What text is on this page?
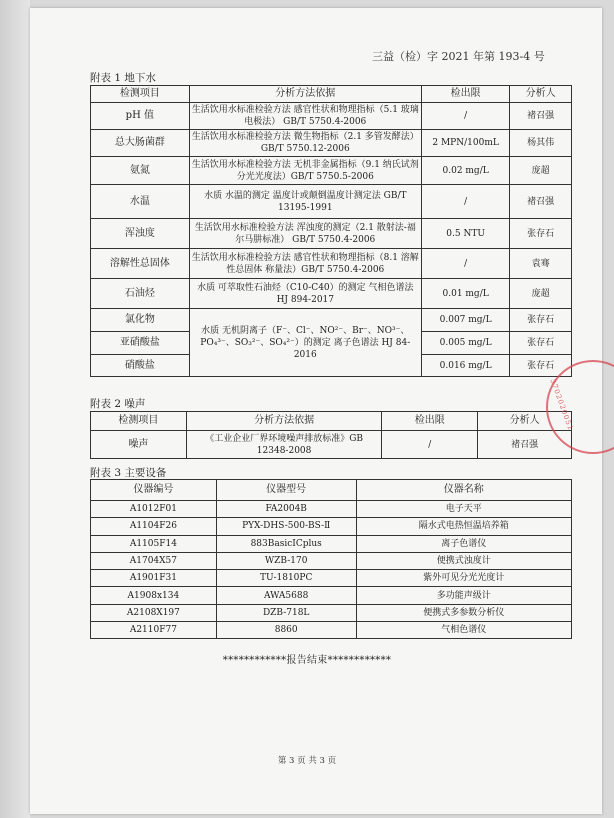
三益（检）字 2021 年第 193-4 号
附表 1 地下水
检测项目	分析方法依据	检出限	分析人
pH 值	生活饮用水标准检验方法 感官性状和物理指标（5.1 玻璃电极法） GB/T 5750.4-2006	/	褚召强
总大肠菌群	生活饮用水标准检验方法 微生物指标（2.1 多管发酵法）GB/T 5750.12-2006	2 MPN/100mL	杨其伟
氨氮	生活饮用水标准检验方法 无机非金属指标（9.1 纳氏试剂分光光度法）GB/T 5750.5-2006	0.02 mg/L	庞超
水温	水质 水温的测定 温度计或颠倒温度计测定法 GB/T 13195-1991	/	褚召强
浑浊度	生活饮用水标准检验方法 浑浊度的测定（2.1 散射法-福尔马肼标准） GB/T 5750.4-2006	0.5 NTU	张存石
溶解性总固体	生活饮用水标准检验方法 感官性状和物理指标（8.1 溶解性总固体 称量法）GB/T 5750.4-2006	/	袁骞
石油烃	水质 可萃取性石油烃（C10-C40）的测定 气相色谱法 HJ 894-2017	0.01 mg/L	庞超
氯化物	水质 无机阴离子（F⁻、Cl⁻、NO²⁻、Br⁻、NO³⁻、PO₄³⁻、SO₃²⁻、SO₄²⁻）的测定 离子色谱法 HJ 84-2016	0.007 mg/L	张存石
亚硝酸盐		0.005 mg/L	张存石
硝酸盐		0.016 mg/L	张存石
附表 2 噪声
检测项目	分析方法依据	检出限	分析人
噪声	《工业企业厂界环境噪声排放标准》GB 12348-2008	/	褚召强
附表 3 主要设备
仪器编号	仪器型号	仪器名称
A1012F01	FA2004B	电子天平
A1104F26	PYX-DHS-500-BS-Ⅱ	隔水式电热恒温培养箱
A1105F14	883BasicICplus	离子色谱仪
A1704X57	WZB-170	便携式浊度计
A1901F31	TU-1810PC	紫外可见分光光度计
A1908x134	AWA5688	多功能声级计
A2108X197	DZB-718L	便携式多参数分析仪
A2110F77	8860	气相色谱仪
************报告结束************
第 3 页 共 3 页
3702020051
